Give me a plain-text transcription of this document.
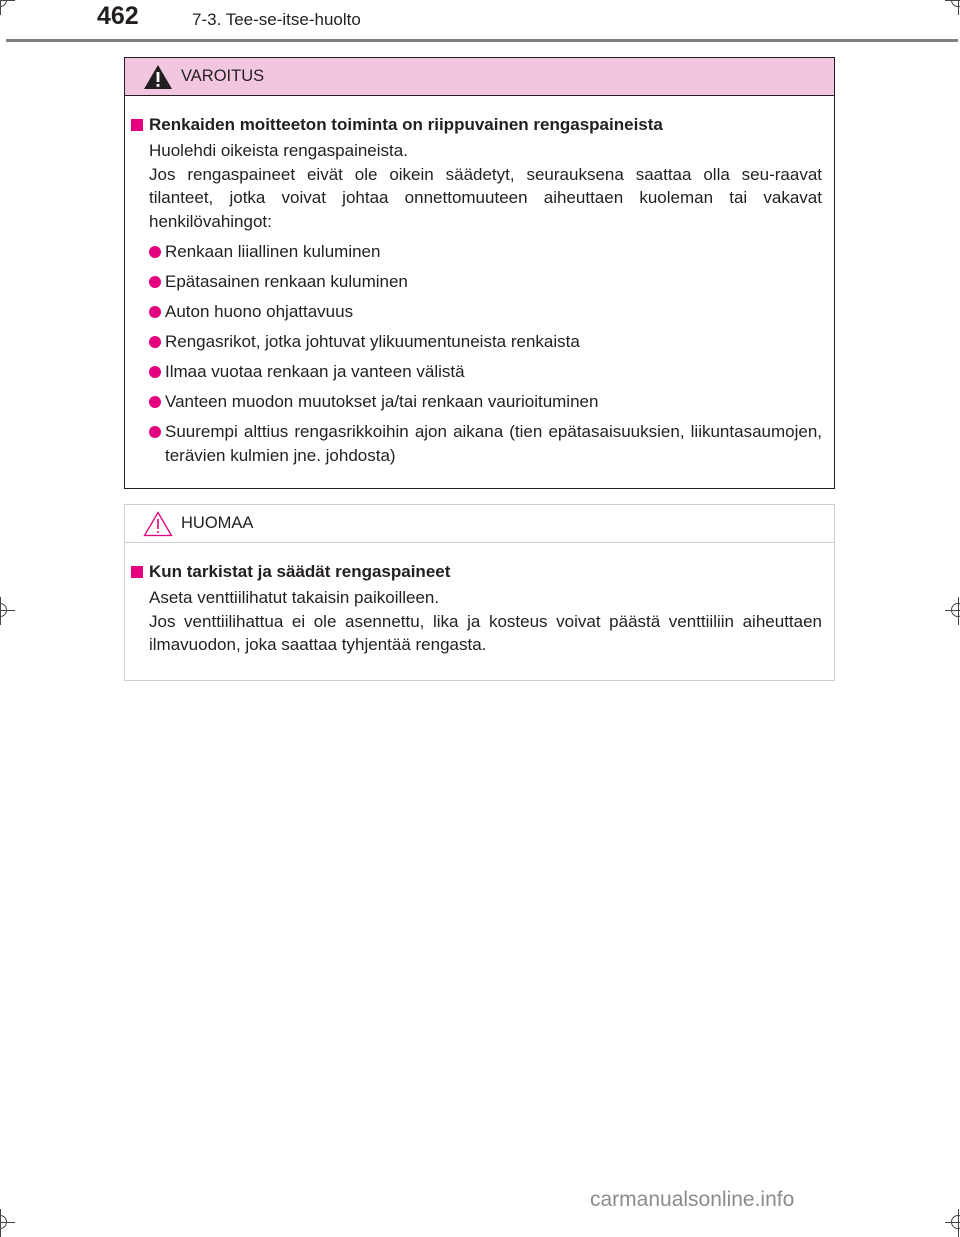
462	7-3. Tee-se-itse-huolto
VAROITUS
Renkaiden moitteeton toiminta on riippuvainen rengaspaineista

Huolehdi oikeista rengaspaineista.

Jos rengaspaineet eivät ole oikein säädetyt, seurauksena saattaa olla seu-raavat tilanteet, jotka voivat johtaa onnettomuuteen aiheuttaen kuoleman tai vakavat henkilövahingot:

Renkaan liiallinen kuluminen
Epätasainen renkaan kuluminen
Auton huono ohjattavuus
Rengasrikot, jotka johtuvat ylikuumentuneista renkaista
Ilmaa vuotaa renkaan ja vanteen välistä
Vanteen muodon muutokset ja/tai renkaan vaurioituminen
Suurempi alttius rengasrikkoihin ajon aikana (tien epätasaisuuksien, liikuntasaumojen, terävien kulmien jne. johdosta)
HUOMAA
Kun tarkistat ja säädät rengaspaineet

Aseta venttiilihatut takaisin paikoilleen.

Jos venttiilihattua ei ole asennettu, lika ja kosteus voivat päästä venttiiliin aiheuttaen ilmavuodon, joka saattaa tyhjentää rengasta.

carmanualsonline.info
